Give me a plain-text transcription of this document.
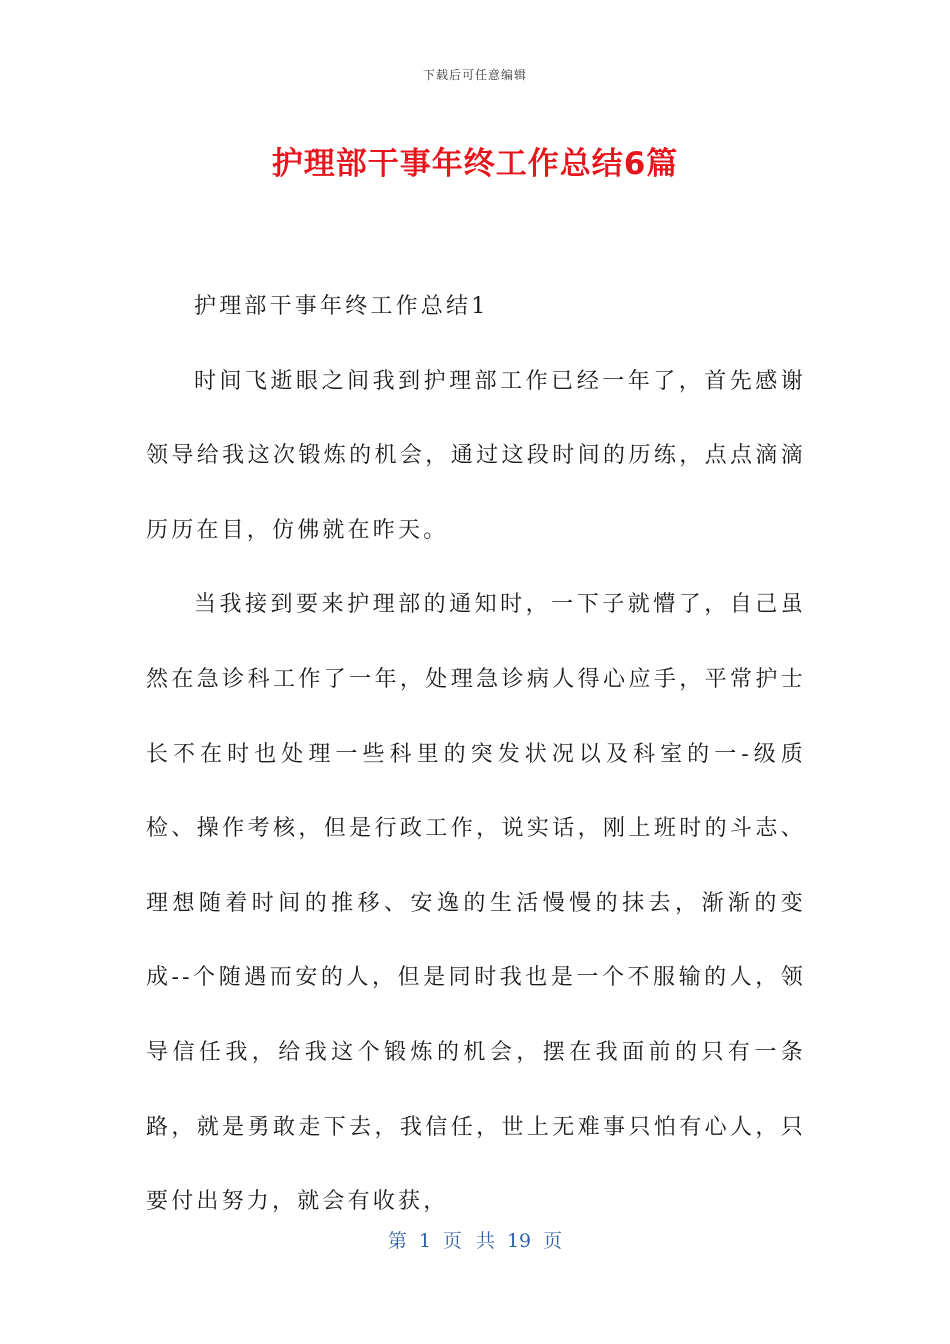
下载后可任意编辑
护理部干事年终工作总结6篇

护理部干事年终工作总结1

时间飞逝眼之间我到护理部工作已经一年了，首先感谢领导给我这次锻炼的机会，通过这段时间的历练，点点滴滴历历在目，仿佛就在昨天。

当我接到要来护理部的通知时，一下子就懵了，自己虽然在急诊科工作了一年，处理急诊病人得心应手，平常护士长不在时也处理一些科里的突发状况以及科室的一-级质检、操作考核，但是行政工作，说实话，刚上班时的斗志、理想随着时间的推移、安逸的生活慢慢的抹去，渐渐的变成--个随遇而安的人，但是同时我也是一个不服输的人，领导信任我，给我这个锻炼的机会，摆在我面前的只有一条路，就是勇敢走下去，我信任，世上无难事只怕有心人，只要付出努力，就会有收获，

第 1 页 共 19 页
